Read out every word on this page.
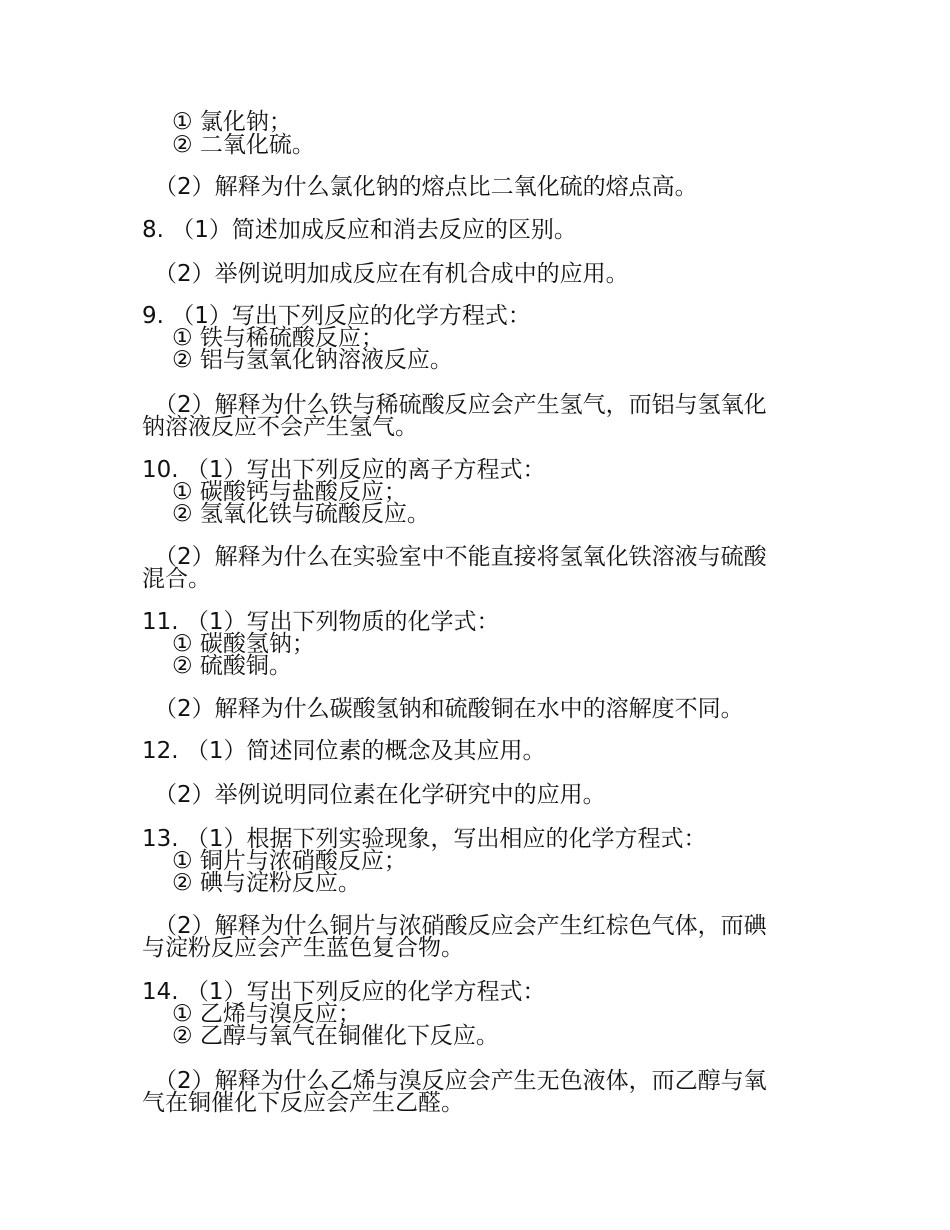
① 氯化钠；
② 二氧化硫。
（2）解释为什么氯化钠的熔点比二氧化硫的熔点高。
8. （1）简述加成反应和消去反应的区别。
（2）举例说明加成反应在有机合成中的应用。
9. （1）写出下列反应的化学方程式：
① 铁与稀硫酸反应；
② 铝与氢氧化钠溶液反应。
（2）解释为什么铁与稀硫酸反应会产生氢气，而铝与氢氧化
钠溶液反应不会产生氢气。
10. （1）写出下列反应的离子方程式：
① 碳酸钙与盐酸反应；
② 氢氧化铁与硫酸反应。
（2）解释为什么在实验室中不能直接将氢氧化铁溶液与硫酸
混合。
11. （1）写出下列物质的化学式：
① 碳酸氢钠；
② 硫酸铜。
（2）解释为什么碳酸氢钠和硫酸铜在水中的溶解度不同。
12. （1）简述同位素的概念及其应用。
（2）举例说明同位素在化学研究中的应用。
13. （1）根据下列实验现象，写出相应的化学方程式：
① 铜片与浓硝酸反应；
② 碘与淀粉反应。
（2）解释为什么铜片与浓硝酸反应会产生红棕色气体，而碘
与淀粉反应会产生蓝色复合物。
14. （1）写出下列反应的化学方程式：
① 乙烯与溴反应；
② 乙醇与氧气在铜催化下反应。
（2）解释为什么乙烯与溴反应会产生无色液体，而乙醇与氧
气在铜催化下反应会产生乙醛。
